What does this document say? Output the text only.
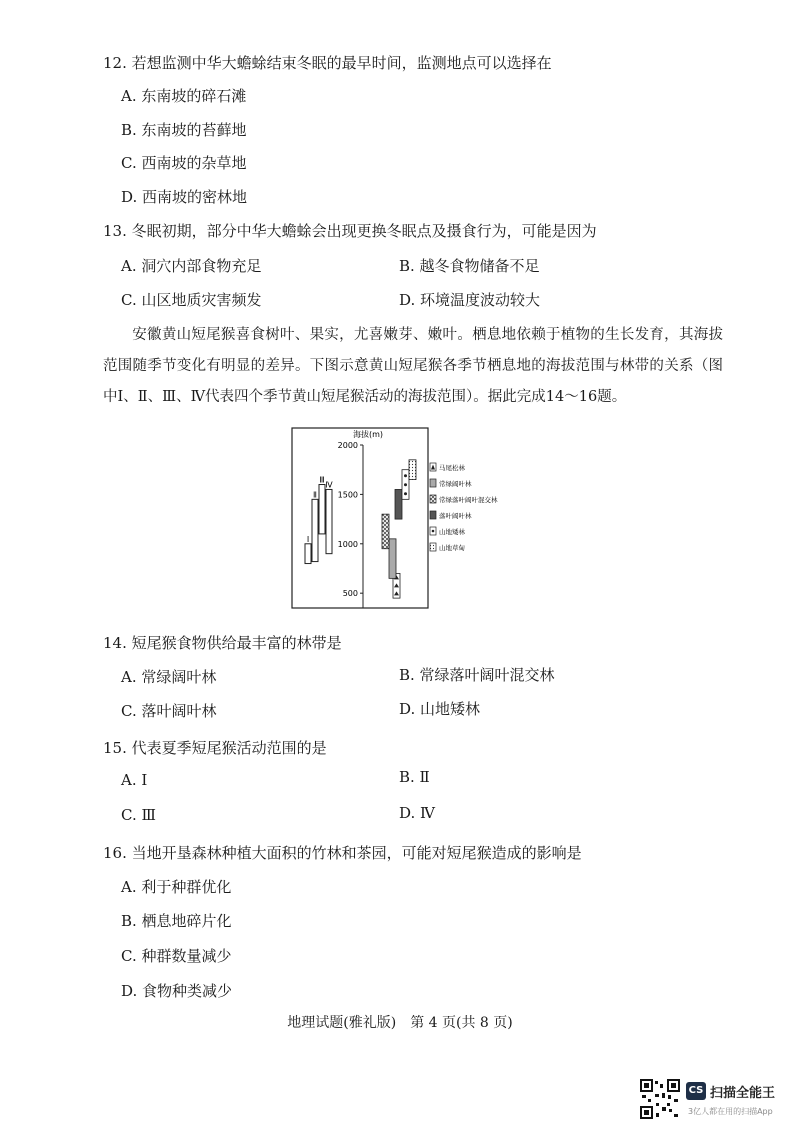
12. 若想监测中华大蟾蜍结束冬眠的最早时间，监测地点可以选择在
A. 东南坡的碎石滩
B. 东南坡的苔藓地
C. 西南坡的杂草地
D. 西南坡的密林地
13. 冬眠初期，部分中华大蟾蜍会出现更换冬眠点及摄食行为，可能是因为
A. 洞穴内部食物充足	B. 越冬食物储备不足
C. 山区地质灾害频发	D. 环境温度波动较大
安徽黄山短尾猴喜食树叶、果实，尤喜嫩芽、嫩叶。栖息地依赖于植物的生长发育，其海拔范围随季节变化有明显的差异。下图示意黄山短尾猴各季节栖息地的海拔范围与林带的关系（图中Ⅰ、Ⅱ、Ⅲ、Ⅳ代表四个季节黄山短尾猴活动的海拔范围）。据此完成14～16题。
海拔(m)
2000
1500
1000
500
Ⅰ
Ⅱ
Ⅲ
Ⅳ
马尾松林
常绿阔叶林
常绿落叶阔叶混交林
落叶阔叶林
山地矮林
山地草甸
14. 短尾猴食物供给最丰富的林带是
A. 常绿阔叶林	B. 常绿落叶阔叶混交林
C. 落叶阔叶林	D. 山地矮林
15. 代表夏季短尾猴活动范围的是
A. Ⅰ	B. Ⅱ
C. Ⅲ	D. Ⅳ
16. 当地开垦森林种植大面积的竹林和茶园，可能对短尾猴造成的影响是
A. 利于种群优化
B. 栖息地碎片化
C. 种群数量减少
D. 食物种类减少
地理试题(雅礼版)　第 4 页(共 8 页)
CS 扫描全能王
3亿人都在用的扫描App
